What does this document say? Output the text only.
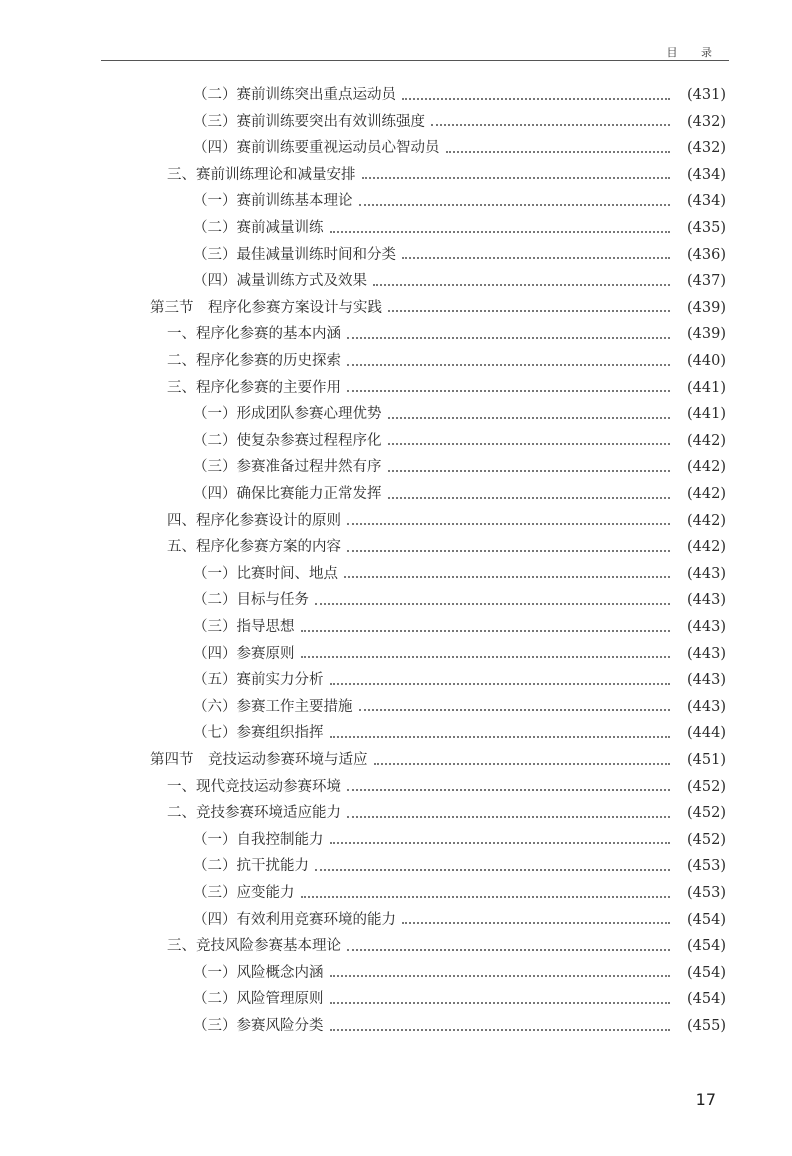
目 录
（二）赛前训练突出重点运动员	(431)
（三）赛前训练要突出有效训练强度	(432)
（四）赛前训练要重视运动员心智动员	(432)
三、赛前训练理论和减量安排	(434)
（一）赛前训练基本理论	(434)
（二）赛前减量训练	(435)
（三）最佳减量训练时间和分类	(436)
（四）减量训练方式及效果	(437)
第三节　程序化参赛方案设计与实践	(439)
一、程序化参赛的基本内涵	(439)
二、程序化参赛的历史探索	(440)
三、程序化参赛的主要作用	(441)
（一）形成团队参赛心理优势	(441)
（二）使复杂参赛过程程序化	(442)
（三）参赛准备过程井然有序	(442)
（四）确保比赛能力正常发挥	(442)
四、程序化参赛设计的原则	(442)
五、程序化参赛方案的内容	(442)
（一）比赛时间、地点	(443)
（二）目标与任务	(443)
（三）指导思想	(443)
（四）参赛原则	(443)
（五）赛前实力分析	(443)
（六）参赛工作主要措施	(443)
（七）参赛组织指挥	(444)
第四节　竞技运动参赛环境与适应	(451)
一、现代竞技运动参赛环境	(452)
二、竞技参赛环境适应能力	(452)
（一）自我控制能力	(452)
（二）抗干扰能力	(453)
（三）应变能力	(453)
（四）有效利用竞赛环境的能力	(454)
三、竞技风险参赛基本理论	(454)
（一）风险概念内涵	(454)
（二）风险管理原则	(454)
（三）参赛风险分类	(455)
17
